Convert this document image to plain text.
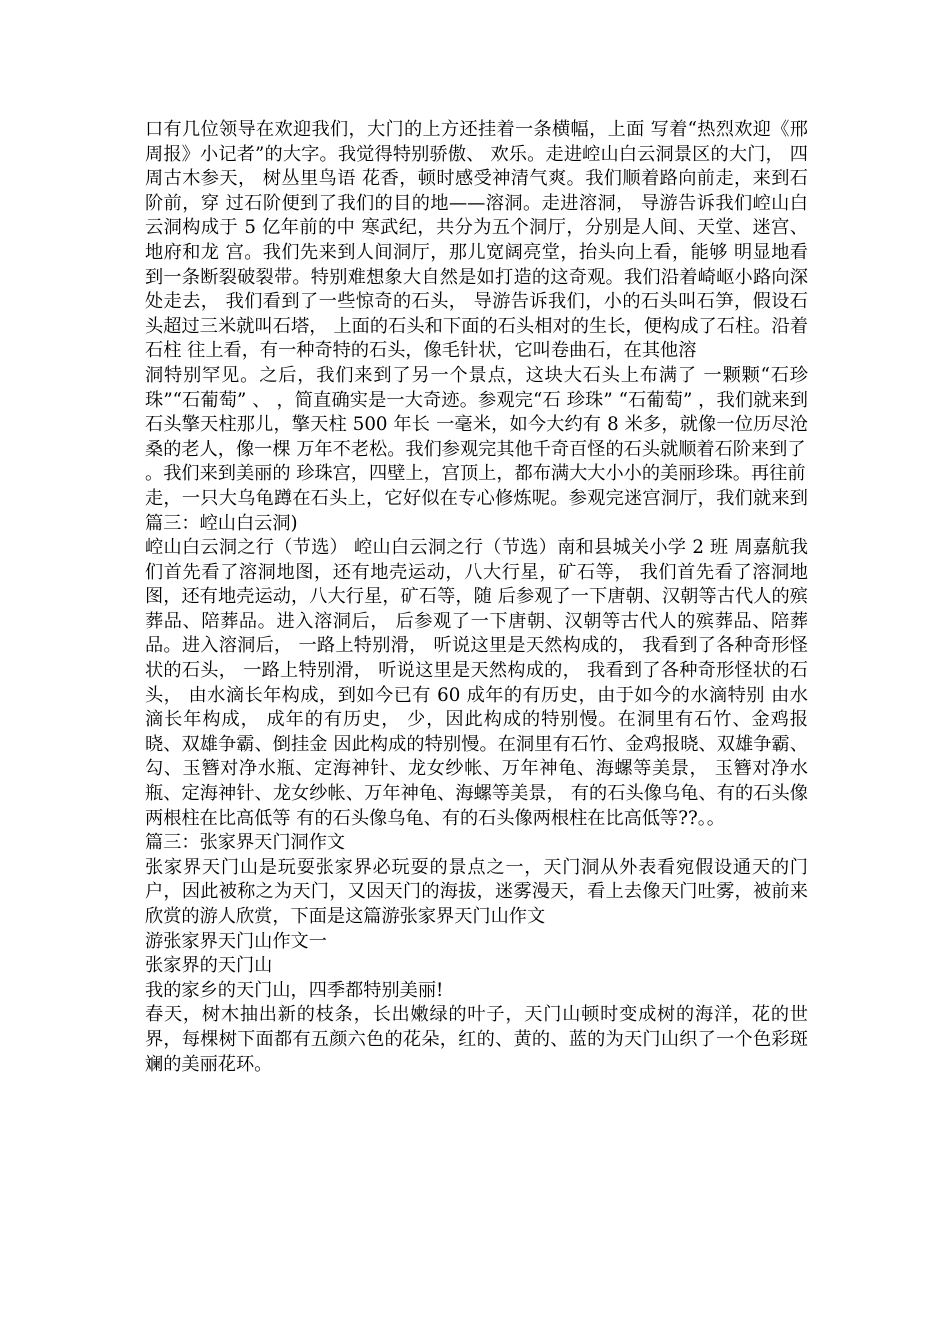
口有几位领导在欢迎我们，大门的上方还挂着一条横幅，上面 写着“热烈欢迎《邢周报》小记者”的大字。我觉得特别骄傲、 欢乐。走进崆山白云洞景区的大门， 四周古木参天， 树丛里鸟语 花香，顿时感受神清气爽。我们顺着路向前走，来到石阶前，穿 过石阶便到了我们的目的地——溶洞。走进溶洞， 导游告诉我们崆山白云洞构成于 5 亿年前的中 寒武纪，共分为五个洞厅，分别是人间、天堂、迷宫、地府和龙 宫。我们先来到人间洞厅，那儿宽阔亮堂，抬头向上看，能够 明显地看到一条断裂破裂带。特别难想象大自然是如打造的这奇观。我们沿着崎岖小路向深处走去， 我们看到了一些惊奇的石头， 导游告诉我们，小的石头叫石笋，假设石头超过三米就叫石塔， 上面的石头和下面的石头相对的生长，便构成了石柱。沿着石柱 往上看，有一种奇特的石头，像毛针状，它叫卷曲石，在其他溶

洞特别罕见。之后，我们来到了另一个景点，这块大石头上布满了 一颗颗“石珍珠”“石葡萄” 、 ，简直确实是一大奇迹。参观完“石 珍珠” “石葡萄” ，我们就来到石头擎天柱那儿，擎天柱 500 年长 一毫米，如今大约有 8 米多，就像一位历尽沧桑的老人，像一棵 万年不老松。我们参观完其他千奇百怪的石头就顺着石阶来到了

。我们来到美丽的 珍珠宫，四壁上，宫顶上，都布满大大小小的美丽珍珠。再往前

走，一只大乌龟蹲在石头上，它好似在专心修炼呢。参观完迷宫洞厅，我们就来到篇三：崆山白云洞)

崆山白云洞之行（节选） 崆山白云洞之行（节选）南和县城关小学 2 班 周嘉航我们首先看了溶洞地图，还有地壳运动，八大行星，矿石等， 我们首先看了溶洞地图，还有地壳运动，八大行星，矿石等，随 后参观了一下唐朝、汉朝等古代人的殡葬品、陪葬品。进入溶洞后， 后参观了一下唐朝、汉朝等古代人的殡葬品、陪葬品。进入溶洞后， 一路上特别滑， 听说这里是天然构成的， 我看到了各种奇形怪状的石头， 一路上特别滑， 听说这里是天然构成的， 我看到了各种奇形怪状的石头， 由水滴长年构成，到如今已有 60 成年的有历史，由于如今的水滴特别 由水滴长年构成， 成年的有历史， 少，因此构成的特别慢。在洞里有石竹、金鸡报晓、双雄争霸、倒挂金 因此构成的特别慢。在洞里有石竹、金鸡报晓、双雄争霸、 勾、玉簪对净水瓶、定海神针、龙女纱帐、万年神龟、海螺等美景， 玉簪对净水瓶、定海神针、龙女纱帐、万年神龟、海螺等美景， 有的石头像乌龟、有的石头像两根柱在比高低等 有的石头像乌龟、有的石头像两根柱在比高低等??。。

篇三：张家界天门洞作文

张家界天门山是玩耍张家界必玩耍的景点之一，天门洞从外表看宛假设通天的门户，因此被称之为天门，又因天门的海拔，迷雾漫天，看上去像天门吐雾，被前来欣赏的游人欣赏，下面是这篇游张家界天门山作文

游张家界天门山作文一

张家界的天门山

我的家乡的天门山，四季都特别美丽!

春天，树木抽出新的枝条，长出嫩绿的叶子，天门山顿时变成树的海洋，花的世界，每棵树下面都有五颜六色的花朵，红的、黄的、蓝的为天门山织了一个色彩斑斓的美丽花环。
